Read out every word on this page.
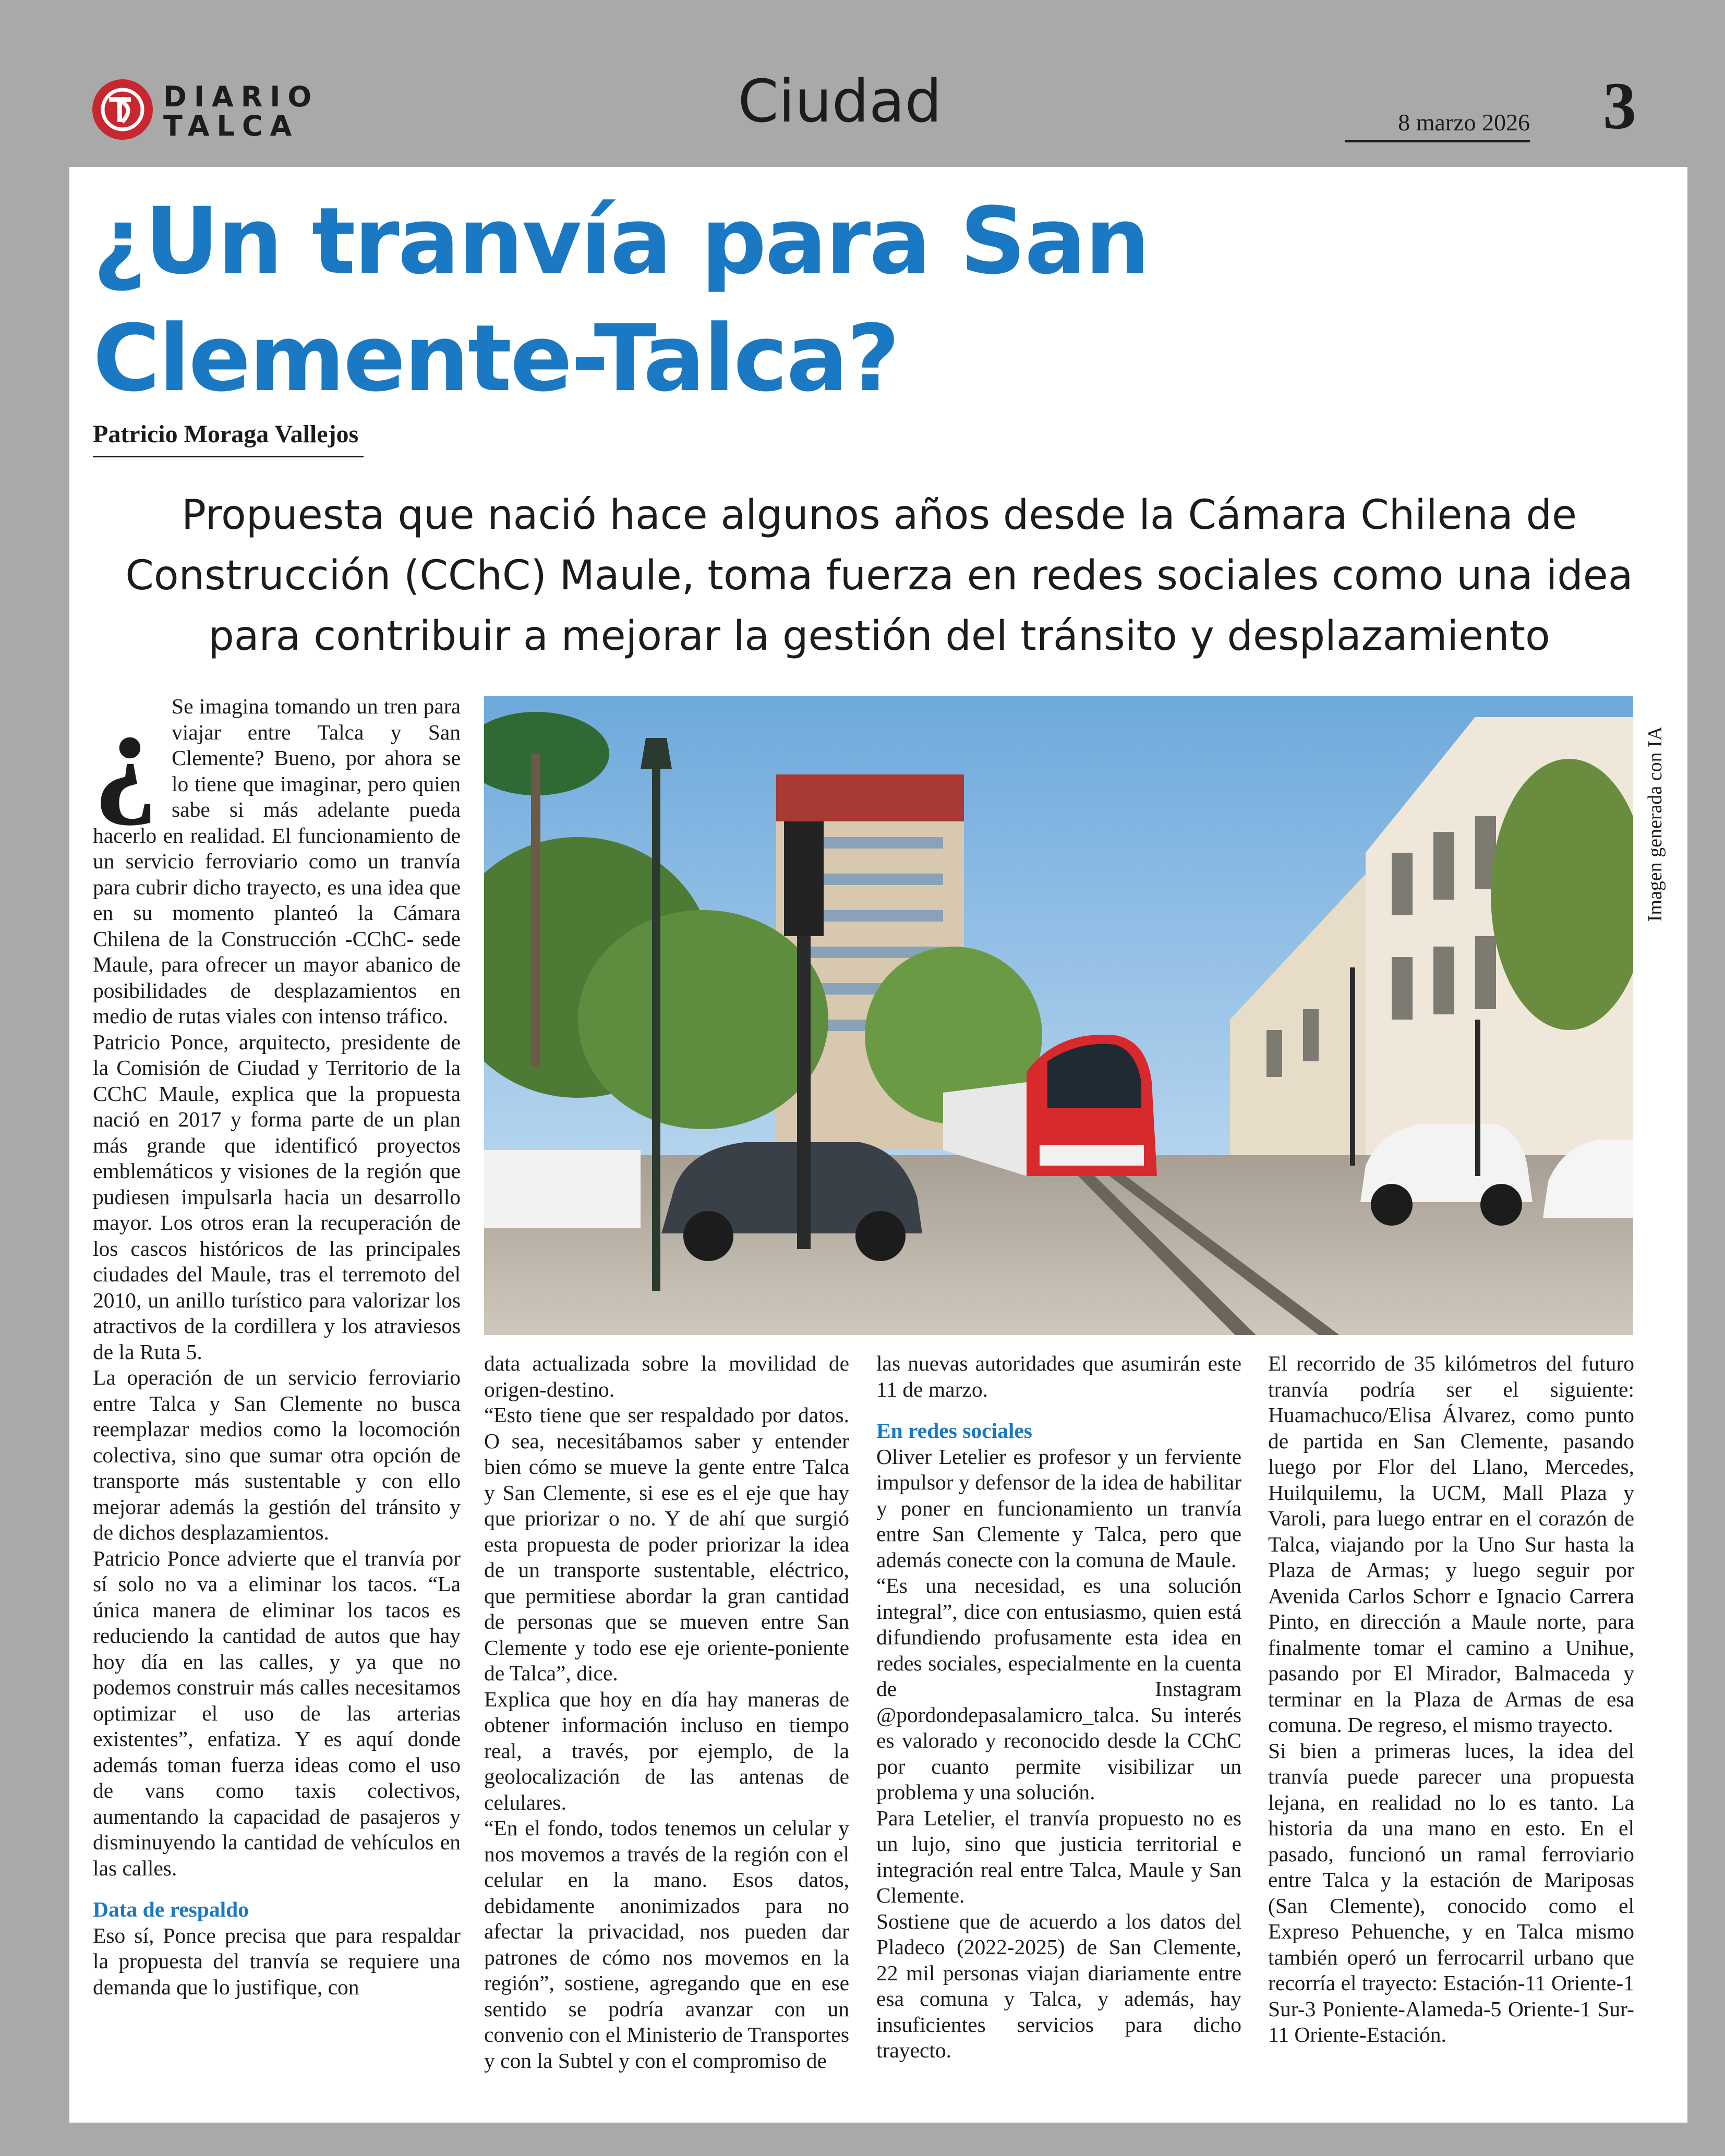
DIARIO
TALCA	Ciudad	8 marzo 2026 3
¿Un tranvía para San Clemente-Talca?
Patricio Moraga Vallejos
Propuesta que nació hace algunos años desde la Cámara Chilena de Construcción (CChC) Maule, toma fuerza en redes sociales como una idea para contribuir a mejorar la gestión del tránsito y desplazamiento
¿ Se imagina tomando un tren para viajar entre Talca y San Clemente? Bueno, por ahora se lo tiene que imaginar, pero quien sabe si más adelante pueda hacerlo en realidad. El funcionamiento de un servicio ferroviario como un tranvía para cubrir dicho trayecto, es una idea que en su momento planteó la Cámara Chilena de la Construcción -CChC- sede Maule, para ofrecer un mayor abanico de posibilidades de desplazamientos en medio de rutas viales con intenso tráfico.

Patricio Ponce, arquitecto, presidente de la Comisión de Ciudad y Territorio de la CChC Maule, explica que la propuesta nació en 2017 y forma parte de un plan más grande que identificó proyectos emblemáticos y visiones de la región que pudiesen impulsarla hacia un desarrollo mayor. Los otros eran la recuperación de los cascos históricos de las principales ciudades del Maule, tras el terremoto del 2010, un anillo turístico para valorizar los atractivos de la cordillera y los atraviesos de la Ruta 5.

La operación de un servicio ferroviario entre Talca y San Clemente no busca reemplazar medios como la locomoción colectiva, sino que sumar otra opción de transporte más sustentable y con ello mejorar además la gestión del tránsito y de dichos desplazamientos.

Patricio Ponce advierte que el tranvía por sí solo no va a eliminar los tacos. “La única manera de eliminar los tacos es reduciendo la cantidad de autos que hay hoy día en las calles, y ya que no podemos construir más calles necesitamos optimizar el uso de las arterias existentes”, enfatiza. Y es aquí donde además toman fuerza ideas como el uso de vans como taxis colectivos, aumentando la capacidad de pasajeros y disminuyendo la cantidad de vehículos en las calles.

Data de respaldo

Eso sí, Ponce precisa que para respaldar la propuesta del tranvía se requiere una demanda que lo justifique, con

Imagen generada con IA

data actualizada sobre la movilidad de origen-destino.

“Esto tiene que ser respaldado por datos. O sea, necesitábamos saber y entender bien cómo se mueve la gente entre Talca y San Clemente, si ese es el eje que hay que priorizar o no. Y de ahí que surgió esta propuesta de poder priorizar la idea de un transporte sustentable, eléctrico, que permitiese abordar la gran cantidad de personas que se mueven entre San Clemente y todo ese eje oriente-poniente de Talca”, dice.

Explica que hoy en día hay maneras de obtener información incluso en tiempo real, a través, por ejemplo, de la geolocalización de las antenas de celulares.

“En el fondo, todos tenemos un celular y nos movemos a través de la región con el celular en la mano. Esos datos, debidamente anonimizados para no afectar la privacidad, nos pueden dar patrones de cómo nos movemos en la región”, sostiene, agregando que en ese sentido se podría avanzar con un convenio con el Ministerio de Transportes y con la Subtel y con el compromiso de

las nuevas autoridades que asumirán este 11 de marzo.

En redes sociales

Oliver Letelier es profesor y un ferviente impulsor y defensor de la idea de habilitar y poner en funcionamiento un tranvía entre San Clemente y Talca, pero que además conecte con la comuna de Maule.

“Es una necesidad, es una solución integral”, dice con entusiasmo, quien está difundiendo profusamente esta idea en redes sociales, especialmente en la cuenta de Instagram @pordondepasalamicro_talca. Su interés es valorado y reconocido desde la CChC por cuanto permite visibilizar un problema y una solución.

Para Letelier, el tranvía propuesto no es un lujo, sino que justicia territorial e integración real entre Talca, Maule y San Clemente.

Sostiene que de acuerdo a los datos del Pladeco (2022-2025) de San Clemente, 22 mil personas viajan diariamente entre esa comuna y Talca, y además, hay insuficientes servicios para dicho trayecto.

El recorrido de 35 kilómetros del futuro tranvía podría ser el siguiente: Huamachuco/Elisa Álvarez, como punto de partida en San Clemente, pasando luego por Flor del Llano, Mercedes, Huilquilemu, la UCM, Mall Plaza y Varoli, para luego entrar en el corazón de Talca, viajando por la Uno Sur hasta la Plaza de Armas; y luego seguir por Avenida Carlos Schorr e Ignacio Carrera Pinto, en dirección a Maule norte, para finalmente tomar el camino a Unihue, pasando por El Mirador, Balmaceda y terminar en la Plaza de Armas de esa comuna. De regreso, el mismo trayecto.

Si bien a primeras luces, la idea del tranvía puede parecer una propuesta lejana, en realidad no lo es tanto. La historia da una mano en esto. En el pasado, funcionó un ramal ferroviario entre Talca y la estación de Mariposas (San Clemente), conocido como el Expreso Pehuenche, y en Talca mismo también operó un ferrocarril urbano que recorría el trayecto: Estación-11 Oriente-1 Sur-3 Poniente-Alameda-5 Oriente-1 Sur-11 Oriente-Estación.
